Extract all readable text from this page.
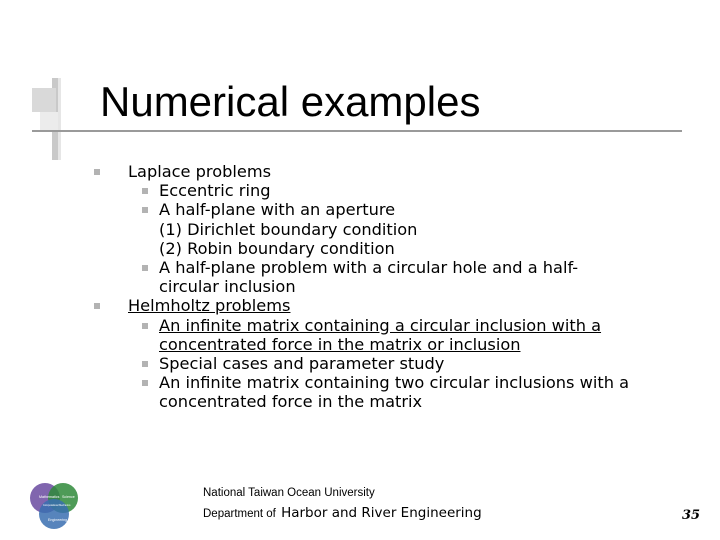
Numerical examples
Laplace problems
Eccentric ring
A half-plane with an aperture
(1) Dirichlet boundary condition
(2) Robin boundary condition
A half-plane problem with a circular hole and a half-
circular inclusion
Helmholtz problems
An infinite matrix containing a circular inclusion with a
concentrated force in the matrix or inclusion
Special cases and parameter study
An infinite matrix containing two circular inclusions with a
concentrated force in the matrix
Mathematics Science
Engineering
Computational Mechanics
National Taiwan Ocean University
Department of Harbor and River Engineering	35
